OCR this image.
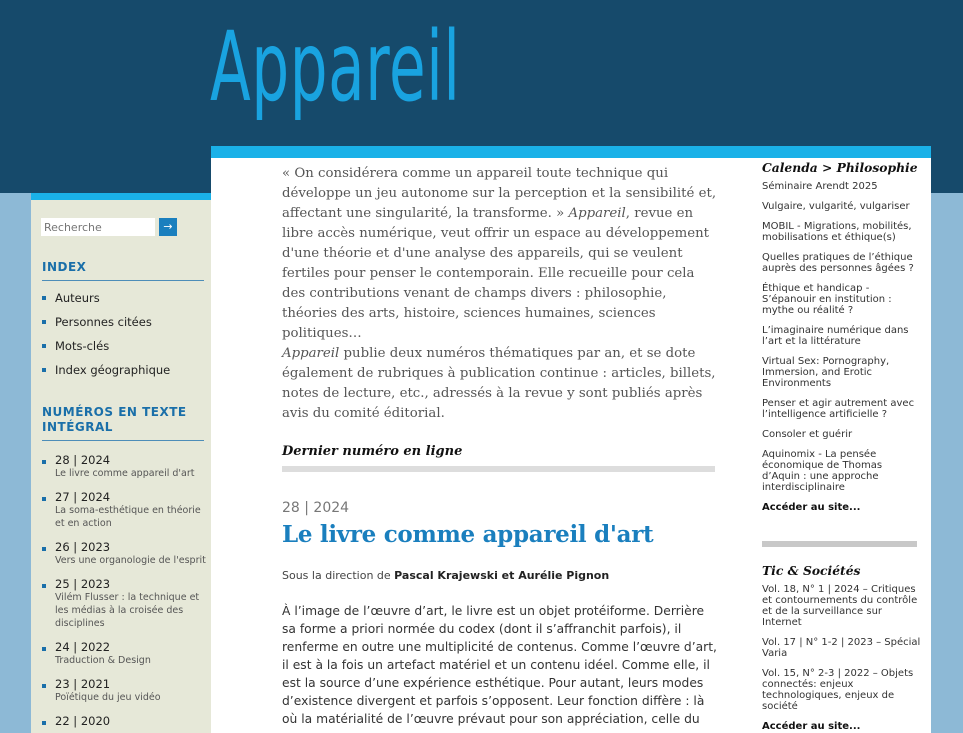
Appareil
Recherche
→
INDEX
Auteurs
Personnes citées
Mots-clés
Index géographique
NUMÉROS EN TEXTE INTÉGRAL
28 | 2024
Le livre comme appareil d'art
27 | 2024
La soma-esthétique en théorie et en action
26 | 2023
Vers une organologie de l'esprit
25 | 2023
Vilém Flusser : la technique et les médias à la croisée des disciplines
24 | 2022
Traduction & Design
23 | 2021
Poïétique du jeu vidéo
22 | 2020

« On considérera comme un appareil toute technique qui développe un jeu autonome sur la perception et la sensibilité et, affectant une singularité, la transforme. » Appareil, revue en libre accès numérique, veut offrir un espace au développement d'une théorie et d'une analyse des appareils, qui se veulent fertiles pour penser le contemporain. Elle recueille pour cela des contributions venant de champs divers : philosophie, théories des arts, histoire, sciences humaines, sciences politiques…

Appareil publie deux numéros thématiques par an, et se dote également de rubriques à publication continue : articles, billets, notes de lecture, etc., adressés à la revue y sont publiés après avis du comité éditorial.

Dernier numéro en ligne
28 | 2024
Le livre comme appareil d'art
Sous la direction de Pascal Krajewski et Aurélie Pignon

À l’image de l’œuvre d’art, le livre est un objet protéiforme. Derrière sa forme a priori normée du codex (dont il s’affranchit parfois), il renferme en outre une multiplicité de contenus. Comme l’œuvre d’art, il est à la fois un artefact matériel et un contenu idéel. Comme elle, il est la source d’une expérience esthétique. Pour autant, leurs modes d’existence divergent et parfois s’opposent. Leur fonction diffère : là où la matérialité de l’œuvre prévaut pour son appréciation, celle du

Calenda > Philosophie
Séminaire Arendt 2025
Vulgaire, vulgarité, vulgariser
MOBIL - Migrations, mobilités, mobilisations et éthique(s)
Quelles pratiques de l’éthique auprès des personnes âgées ?
Éthique et handicap - S’épanouir en institution : mythe ou réalité ?
L’imaginaire numérique dans l’art et la littérature
Virtual Sex: Pornography, Immersion, and Erotic Environments
Penser et agir autrement avec l’intelligence artificielle ?
Consoler et guérir
Aquinomix - La pensée économique de Thomas d’Aquin : une approche interdisciplinaire
Accéder au site...
Tic & Sociétés
Vol. 18, N° 1 | 2024 – Critiques et contournements du contrôle et de la surveillance sur Internet
Vol. 17 | N° 1-2 | 2023 – Spécial Varia
Vol. 15, N° 2-3 | 2022 – Objets connectés: enjeux technologiques, enjeux de société
Accéder au site...
